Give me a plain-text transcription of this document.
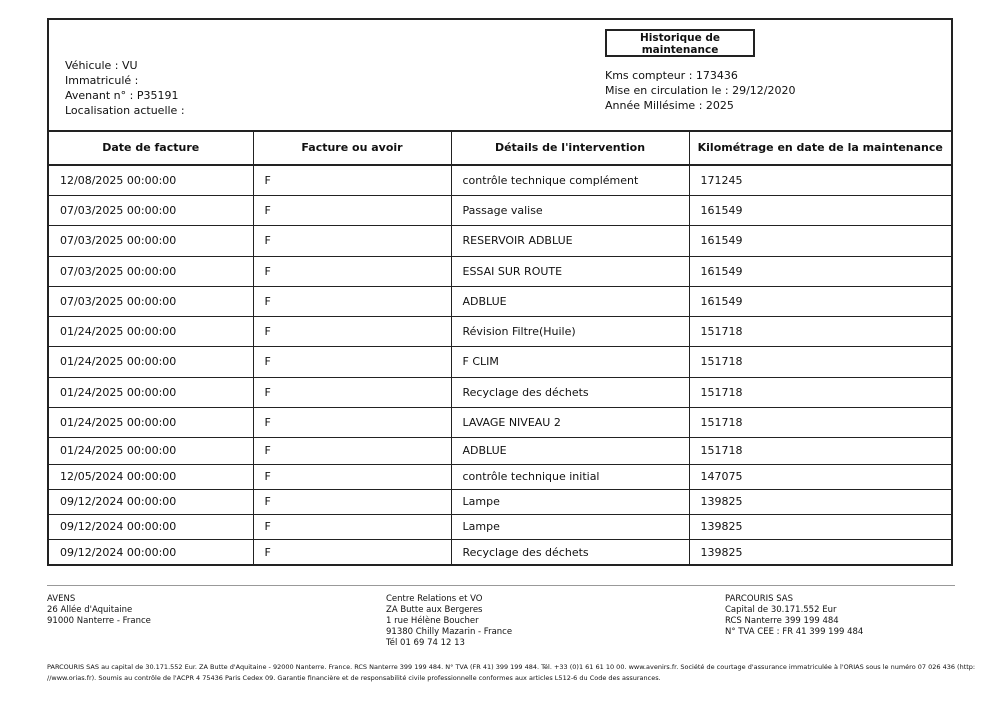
Véhicule : VU
Immatriculé :
Avenant n° : P35191
Localisation actuelle :
Historique de
maintenance
Kms compteur : 173436
Mise en circulation le : 29/12/2020
Année Millésime : 2025
Date de facture	Facture ou avoir	Détails de l'intervention	Kilométrage en date de la maintenance
12/08/2025 00:00:00	F	contrôle technique complément	171245
07/03/2025 00:00:00	F	Passage valise	161549
07/03/2025 00:00:00	F	RESERVOIR ADBLUE	161549
07/03/2025 00:00:00	F	ESSAI SUR ROUTE	161549
07/03/2025 00:00:00	F	ADBLUE	161549
01/24/2025 00:00:00	F	Révision Filtre(Huile)	151718
01/24/2025 00:00:00	F	F CLIM	151718
01/24/2025 00:00:00	F	Recyclage des déchets	151718
01/24/2025 00:00:00	F	LAVAGE NIVEAU 2	151718
01/24/2025 00:00:00	F	ADBLUE	151718
12/05/2024 00:00:00	F	contrôle technique initial	147075
09/12/2024 00:00:00	F	Lampe	139825
09/12/2024 00:00:00	F	Lampe	139825
09/12/2024 00:00:00	F	Recyclage des déchets	139825
AVENS
26 Allée d'Aquitaine
91000 Nanterre - France
Centre Relations et VO
ZA Butte aux Bergeres
1 rue Hélène Boucher
91380 Chilly Mazarin - France
Tél 01 69 74 12 13
PARCOURIS SAS
Capital de 30.171.552 Eur
RCS Nanterre 399 199 484
N° TVA CEE : FR 41 399 199 484
PARCOURIS SAS au capital de 30.171.552 Eur. ZA Butte d'Aquitaine - 92000 Nanterre. France. RCS Nanterre 399 199 484. N° TVA (FR 41) 399 199 484. Tél. +33 (0)1 61 61 10 00. www.avenirs.fr. Société de courtage d'assurance immatriculée à l'ORIAS sous le numéro 07 026 436 (http:
//www.orias.fr). Soumis au contrôle de l'ACPR 4 75436 Paris Cedex 09. Garantie financière et de responsabilité civile professionnelle conformes aux articles L512-6 du Code des assurances.
